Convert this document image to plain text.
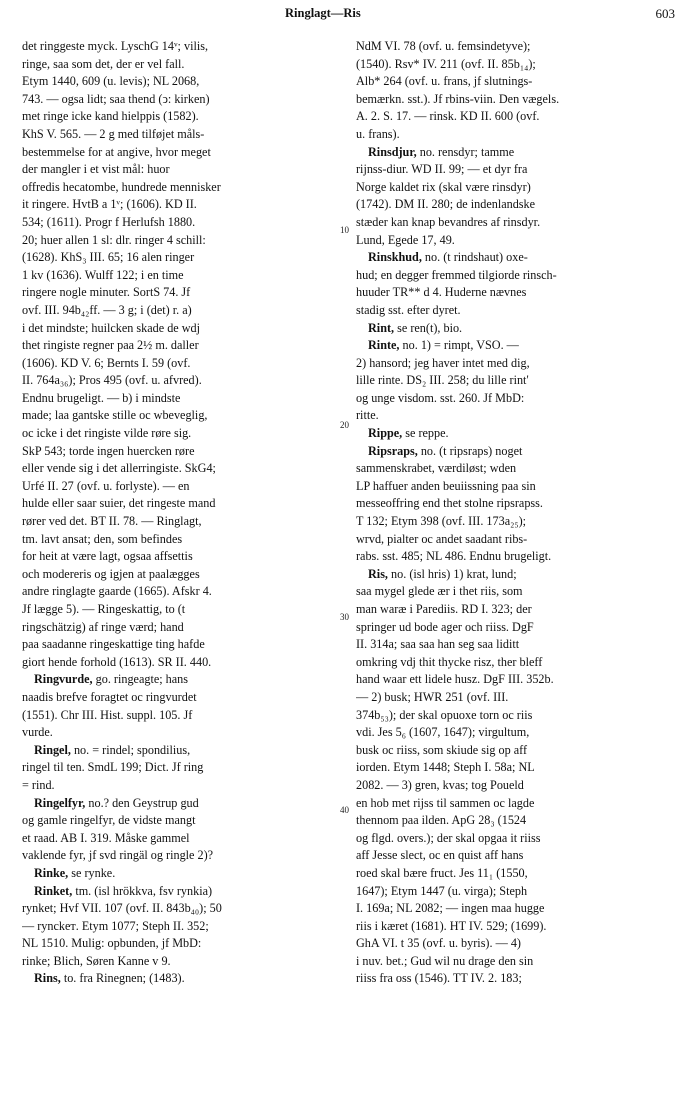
Ringlagt—Ris	603
det ringgeste myck. LyschG 14ᵛ; vilis,
ringe, saa som det, der er vel fall.
Etym 1440, 609 (u. levis); NL 2068,
743. — ogsa lidt; saa thend (ↄ: kirken)
met ringe icke kand hielppis (1582).
KhS V. 565. — 2 g med tilføjet måls-
bestemmelse for at angive, hvor meget
der mangler i et vist mål: huor
offredis hecatombe, hundrede mennisker
it ringere. HvtB a 1ᵛ; (1606). KD II.
534; (1611). Progr f Herlufsh 1880.
20; huer allen 1 sl: dlr. ringer 4 schill:
(1628). KhS₃ III. 65; 16 alen ringer
1 kv (1636). Wulff 122; i en time
ringere nogle minuter. SortS 74. Jf
ovf. III. 94b₄₂ff. — 3 g; i (det) r. a)
i det mindste; huilcken skade de wdj
thet ringiste regner paa 2½ m. daller
(1606). KD V. 6; Bernts I. 59 (ovf.
II. 764a₃₆); Pros 495 (ovf. u. afvred).
Endnu brugeligt. — b) i mindste
made; laa gantske stille oc wbeveglig,
oc icke i det ringiste vilde røre sig.
SkP 543; torde ingen huercken røre
eller vende sig i det allerringiste. SkG4;
Urfé II. 27 (ovf. u. forlyste). — en
hulde eller saar suier, det ringeste mand
rører ved det. BT II. 78. — Ringlagt,
tm. lavt ansat; den, som befindes
for heit at være lagt, ogsaa affsettis
och modereris og igjen at paalægges
andre ringlagte gaarde (1665). Afskr 4.
Jf lægge 5). — Ringeskattig, to (t
ringschätzig) af ringe værd; hand
paa saadanne ringeskattige ting hafde
giort hende forhold (1613). SR II. 440.
Ringvurde, go. ringeagte; hans
naadis brefve foragtet oc ringvurdet
(1551). Chr III. Hist. suppl. 105. Jf
vurde.
Ringel, no. = rindel; spondilius,
ringel til ten. SmdL 199; Dict. Jf ring
= rind.
Ringelfyr, no.? den Geystrup gud
og gamle ringelfyr, de vidste mangt
et raad. AB I. 319. Måske gammel
vaklende fyr, jf svd ringäl og ringle 2)?
Rinke, se rynke.
Rinket, tm. (isl hrökkva, fsv rynkia)
rynket; Hvf VII. 107 (ovf. II. 843b₄₀); 50
— rynckeᴛ. Etym 1077; Steph II. 352;
NL 1510. Mulig: opbunden, jf MbD:
rinke; Blich, Søren Kanne v 9.
Rins, to. fra Rinegnen; (1483).
NdM VI. 78 (ovf. u. femsindetyve);
(1540). Rsv* IV. 211 (ovf. II. 85b₁₄);
Alb* 264 (ovf. u. frans, jf slutnings-
bemærkn. sst.). Jf rbins-viin. Den vægels.
A. 2. S. 17. — rinsk. KD II. 600 (ovf.
u. frans).
Rinsdjur, no. rensdyr; tamme
rijnss-diur. WD II. 99; — et dyr fra
Norge kaldet rix (skal være rinsdyr)
(1742). DM II. 280; de indenlandske
stæder kan knap bevandres af rinsdyr.
Lund, Egede 17, 49.
Rinskhud, no. (t rindshaut) oxe-
hud; en degger fremmed tilgiorde rinsch-
huuder TR** d 4. Huderne nævnes
stadig sst. efter dyret.
Rint, se ren(t), bio.
Rinte, no. 1) = rimpt, VSO. —
2) hansord; jeg haver intet med dig,
lille rinte. DS₂ III. 258; du lille rint'
og unge visdom. sst. 260. Jf MbD:
ritte.
Rippe, se reppe.
Ripsraps, no. (t ripsraps) noget
sammenskrabet, værdiløst; wden
LP haffuer anden beuiissning paa sin
messeoffring end thet stolne ripsrapss.
T 132; Etym 398 (ovf. III. 173a₂₅);
wrvd, pialter oc andet saadant ribs-
rabs. sst. 485; NL 486. Endnu brugeligt.
Ris, no. (isl hris) 1) krat, lund;
saa mygel glede ær i thet riis, som
man waræ i Parediis. RD I. 323; der
springer ud bode ager och riiss. DgF
II. 314a; saa saa han seg saa liditt
omkring vdj thit thycke risz, ther bleff
hand waar ett lidele husz. DgF III. 352b.
— 2) busk; HWR 251 (ovf. III.
374b₅₃); der skal opuoxe torn oc riis
vdi. Jes 5₆ (1607, 1647); virgultum,
busk oc riiss, som skiude sig op aff
iorden. Etym 1448; Steph I. 58a; NL
2082. — 3) gren, kvas; tog Poueld
en hob met rijss til sammen oc lagde
thennom paa ilden. ApG 28₃ (1524
og flgd. overs.); der skal opgaa it riiss
aff Jesse slect, oc en quist aff hans
roed skal bære fruct. Jes 11₁ (1550,
1647); Etym 1447 (u. virga); Steph
I. 169a; NL 2082; — ingen maa hugge
riis i kæret (1681). HT IV. 529; (1699).
GhA VI. t 35 (ovf. u. byris). — 4)
i nuv. bet.; Gud wil nu drage den sin
riiss fra oss (1546). TT IV. 2. 183;
10
20
30
40
